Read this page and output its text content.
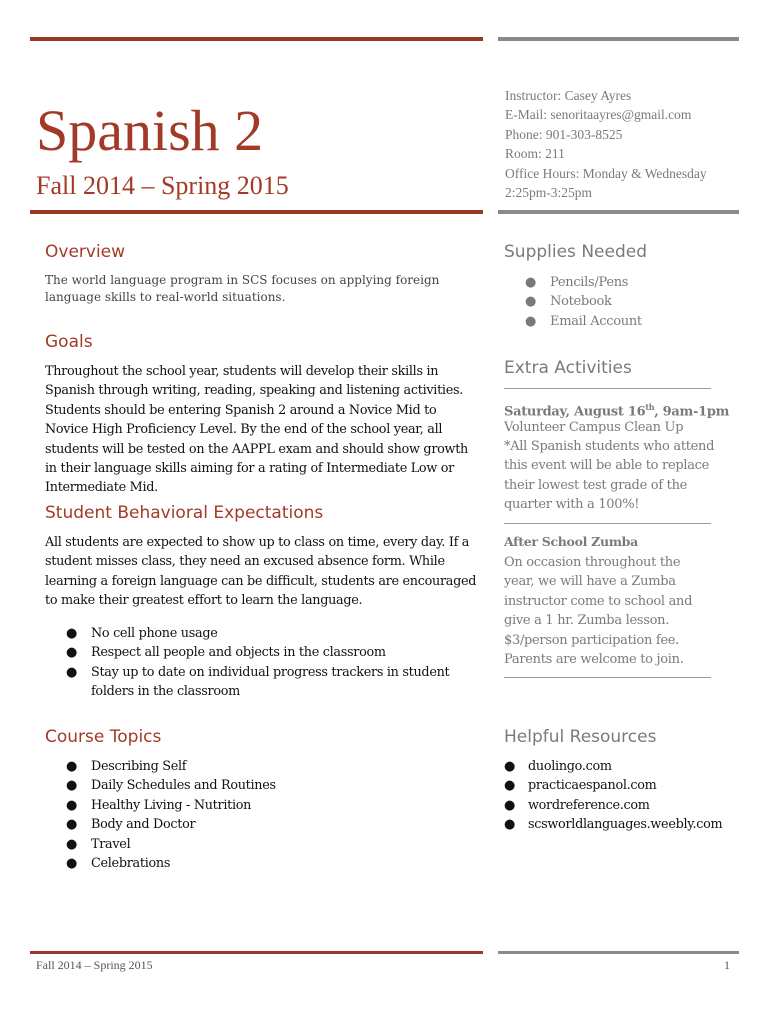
Spanish 2
Fall 2014 – Spring 2015
Instructor: Casey Ayres
E-Mail: senoritaayres@gmail.com
Phone: 901-303-8525
Room: 211
Office Hours: Monday & Wednesday
2:25pm-3:25pm
Overview
The world language program in SCS focuses on applying foreign language skills to real-world situations.
Goals
Throughout the school year, students will develop their skills in Spanish through writing, reading, speaking and listening activities. Students should be entering Spanish 2 around a Novice Mid to Novice High Proficiency Level. By the end of the school year, all students will be tested on the AAPPL exam and should show growth in their language skills aiming for a rating of Intermediate Low or Intermediate Mid.
Student Behavioral Expectations
All students are expected to show up to class on time, every day. If a student misses class, they need an excused absence form. While learning a foreign language can be difficult, students are encouraged to make their greatest effort to learn the language.
● No cell phone usage
● Respect all people and objects in the classroom
● Stay up to date on individual progress trackers in student folders in the classroom
Course Topics
● Describing Self
● Daily Schedules and Routines
● Healthy Living - Nutrition
● Body and Doctor
● Travel
● Celebrations
Supplies Needed
● Pencils/Pens
● Notebook
● Email Account
Extra Activities
Saturday, August 16th, 9am-1pm
Volunteer Campus Clean Up
*All Spanish students who attend this event will be able to replace their lowest test grade of the quarter with a 100%!
After School Zumba
On occasion throughout the year, we will have a Zumba instructor come to school and give a 1 hr. Zumba lesson. $3/person participation fee. Parents are welcome to join.
Helpful Resources
● duolingo.com
● practicaespanol.com
● wordreference.com
● scsworldlanguages.weebly.com
Fall 2014 – Spring 2015	1
